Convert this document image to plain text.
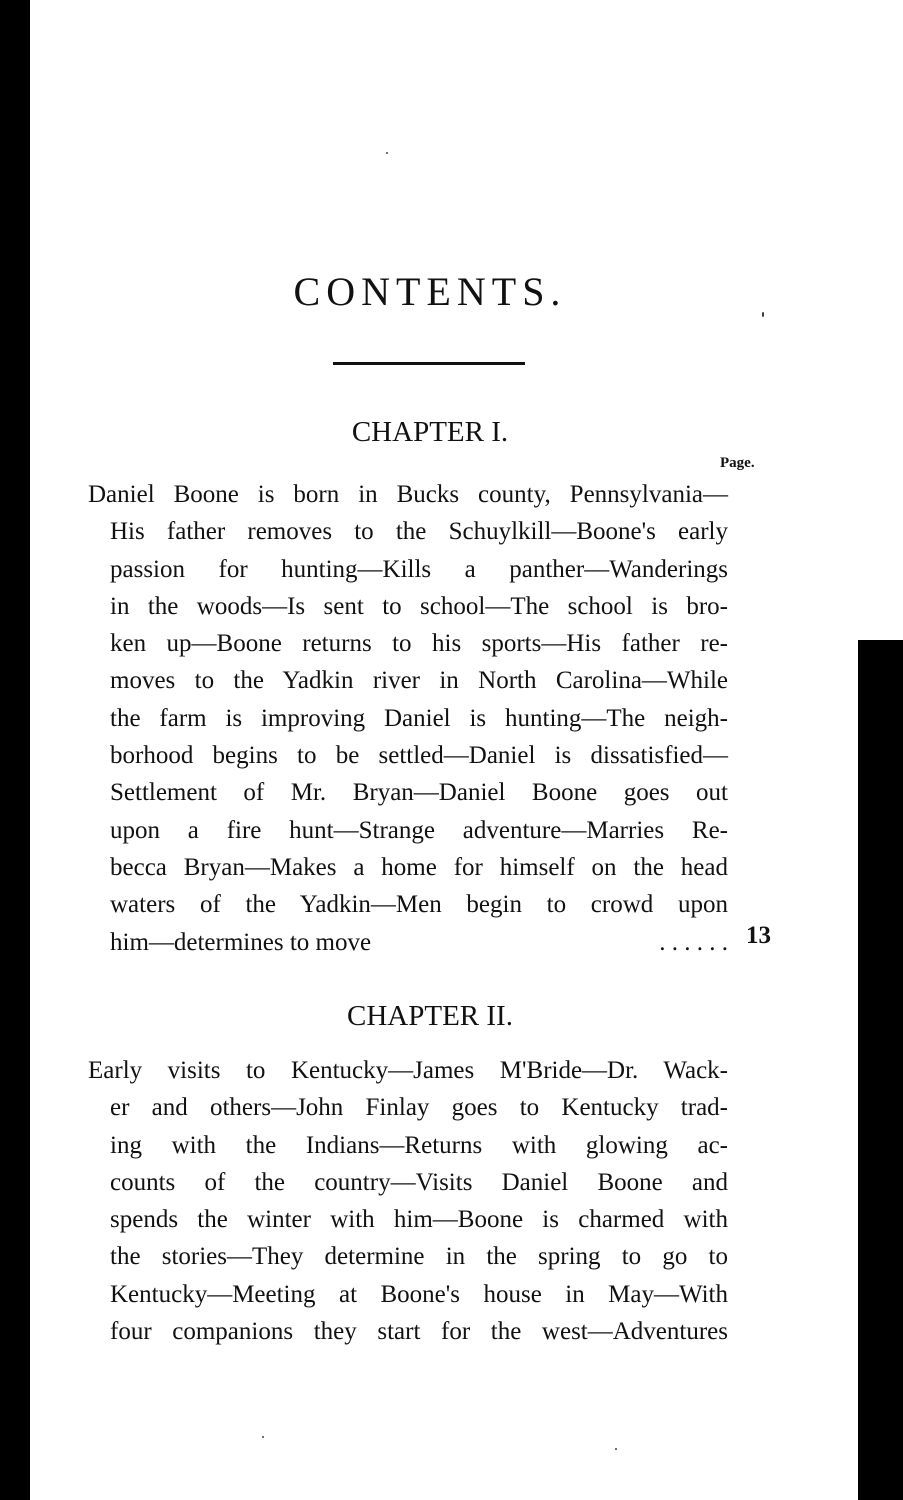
CONTENTS.
CHAPTER I.
Page.
Daniel Boone is born in Bucks county, Pennsylvania—
His father removes to the Schuylkill—Boone's early
passion for hunting—Kills a panther—Wanderings
in the woods—Is sent to school—The school is bro-
ken up—Boone returns to his sports—His father re-
moves to the Yadkin river in North Carolina—While
the farm is improving Daniel is hunting—The neigh-
borhood begins to be settled—Daniel is dissatisfied—
Settlement of Mr. Bryan—Daniel Boone goes out
upon a fire hunt—Strange adventure—Marries Re-
becca Bryan—Makes a home for himself on the head
waters of the Yadkin—Men begin to crowd upon
him—determines to move	. . . . . . 13
CHAPTER II.
Early visits to Kentucky—James M'Bride—Dr. Wack-
er and others—John Finlay goes to Kentucky trad-
ing with the Indians—Returns with glowing ac-
counts of the country—Visits Daniel Boone and
spends the winter with him—Boone is charmed with
the stories—They determine in the spring to go to
Kentucky—Meeting at Boone's house in May—With
four companions they start for the west—Adventures
